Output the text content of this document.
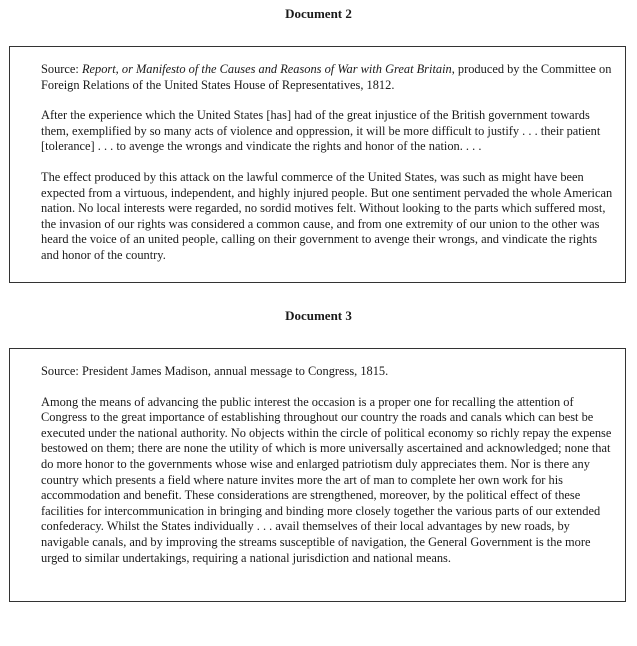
Document 2

Source: Report, or Manifesto of the Causes and Reasons of War with Great Britain, produced by the Committee on Foreign Relations of the United States House of Representatives, 1812.

After the experience which the United States [has] had of the great injustice of the British government towards them, exemplified by so many acts of violence and oppression, it will be more difficult to justify . . . their patient [tolerance] . . . to avenge the wrongs and vindicate the rights and honor of the nation. . . .

The effect produced by this attack on the lawful commerce of the United States, was such as might have been expected from a virtuous, independent, and highly injured people. But one sentiment pervaded the whole American nation. No local interests were regarded, no sordid motives felt. Without looking to the parts which suffered most, the invasion of our rights was considered a common cause, and from one extremity of our union to the other was heard the voice of an united people, calling on their government to avenge their wrongs, and vindicate the rights and honor of the country.

Document 3

Source: President James Madison, annual message to Congress, 1815.

Among the means of advancing the public interest the occasion is a proper one for recalling the attention of Congress to the great importance of establishing throughout our country the roads and canals which can best be executed under the national authority. No objects within the circle of political economy so richly repay the expense bestowed on them; there are none the utility of which is more universally ascertained and acknowledged; none that do more honor to the governments whose wise and enlarged patriotism duly appreciates them. Nor is there any country which presents a field where nature invites more the art of man to complete her own work for his accommodation and benefit. These considerations are strengthened, moreover, by the political effect of these facilities for intercommunication in bringing and binding more closely together the various parts of our extended confederacy. Whilst the States individually . . . avail themselves of their local advantages by new roads, by navigable canals, and by improving the streams susceptible of navigation, the General Government is the more urged to similar undertakings, requiring a national jurisdiction and national means.
